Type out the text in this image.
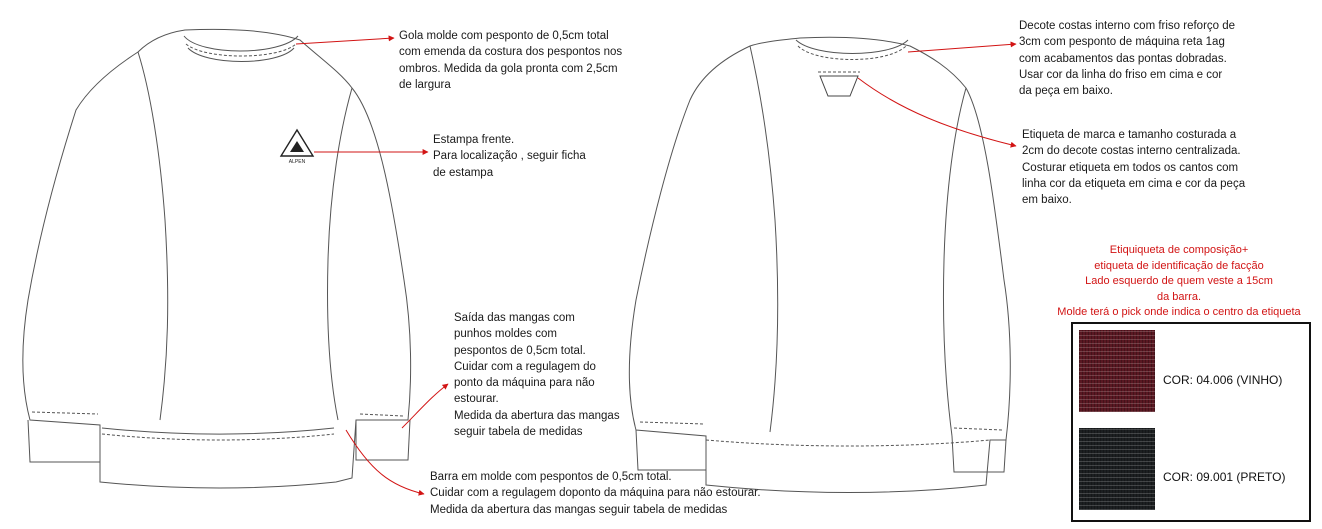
ALPEN
Gola molde com pesponto de 0,5cm total
com emenda da costura dos pespontos nos
ombros. Medida da gola pronta com 2,5cm
de largura
Estampa frente.
Para localização , seguir ficha
de estampa
Saída das mangas com
punhos moldes com
pespontos de 0,5cm total.
Cuidar com a regulagem do
ponto da máquina para não
estourar.
Medida da abertura das mangas
seguir tabela de medidas
Barra em molde com pespontos de 0,5cm total.
Cuidar com a regulagem doponto da máquina para não estourar.
Medida da abertura das mangas seguir tabela de medidas
Decote costas interno com friso reforço de
3cm com pesponto de máquina reta 1ag
com acabamentos das pontas dobradas.
Usar cor da linha do friso em cima e cor
da peça em baixo.
Etiqueta de marca e tamanho costurada a
2cm do decote costas interno centralizada.
Costurar etiqueta em todos os cantos com
linha cor da etiqueta em cima e cor da peça
em baixo.
Etiquiqueta de composição+
etiqueta de identificação de facção
Lado esquerdo de quem veste a 15cm
da barra.
Molde terá o pick onde indica o centro da etiqueta
COR: 04.006 (VINHO)
COR: 09.001 (PRETO)
